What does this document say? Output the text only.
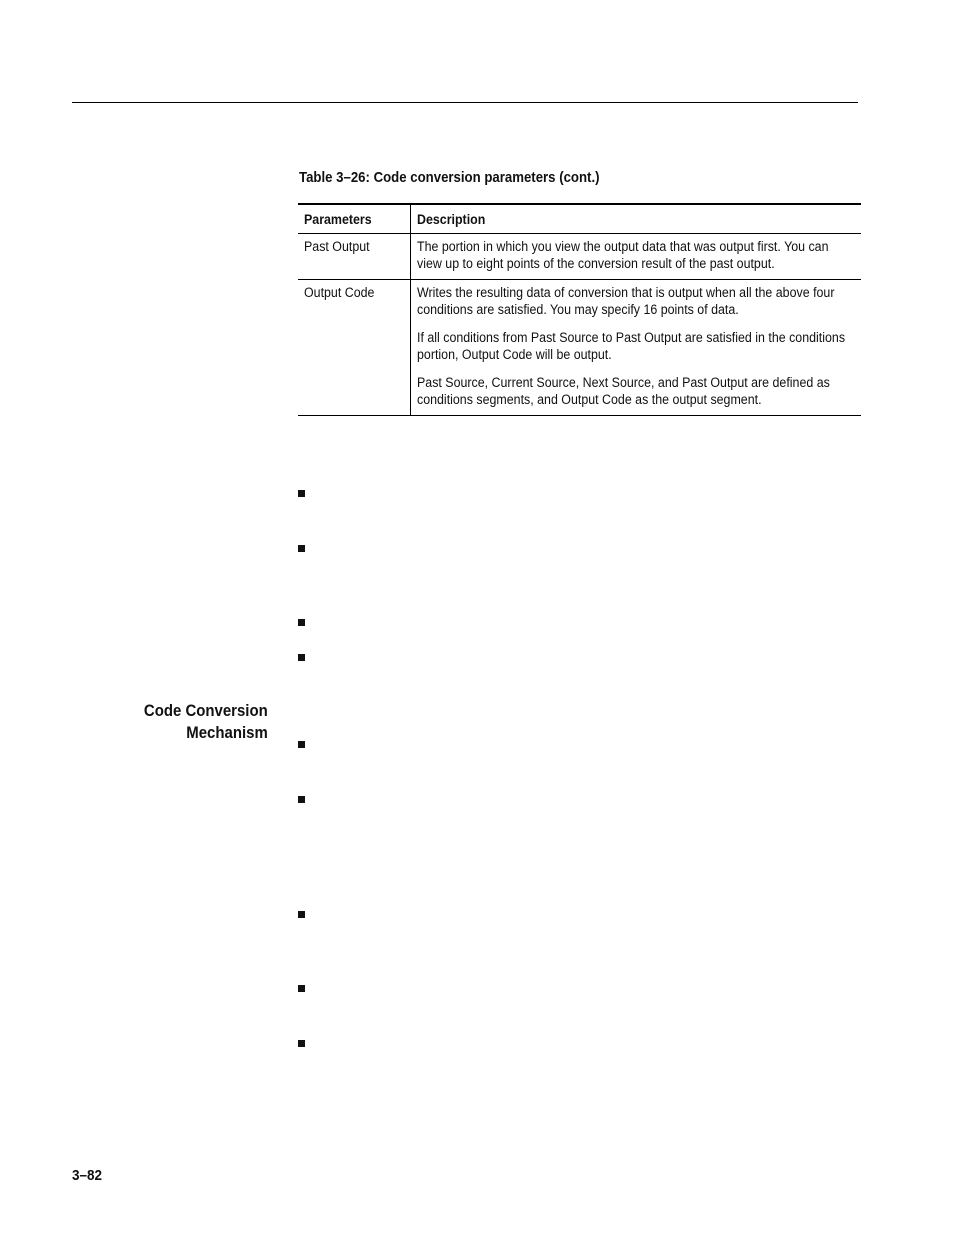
Table 3–26: Code conversion parameters (cont.)
Parameters	Description

Past Output	The portion in which you view the output data that was output first. You can view up to eight points of the conversion result of the past output.

Output Code	Writes the resulting data of conversion that is output when all the above four conditions are satisfied. You may specify 16 points of data.

If all conditions from Past Source to Past Output are satisfied in the conditions portion, Output Code will be output.

Past Source, Current Source, Next Source, and Past Output are defined as conditions segments, and Output Code as the output segment.

Code Conversion
Mechanism
3–82
